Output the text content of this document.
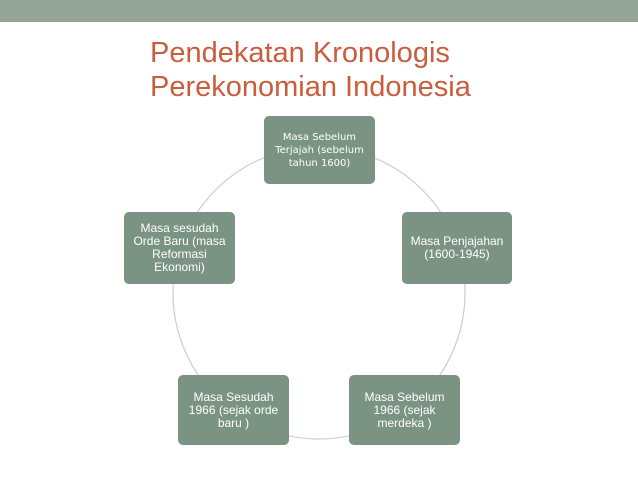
Pendekatan Kronologis
Perekonomian Indonesia
Masa Sebelum Terjajah (sebelum tahun 1600)
Masa Penjajahan (1600-1945)
Masa Sebelum 1966 (sejak merdeka )
Masa Sesudah 1966 (sejak orde baru )
Masa sesudah Orde Baru (masa Reformasi Ekonomi)
